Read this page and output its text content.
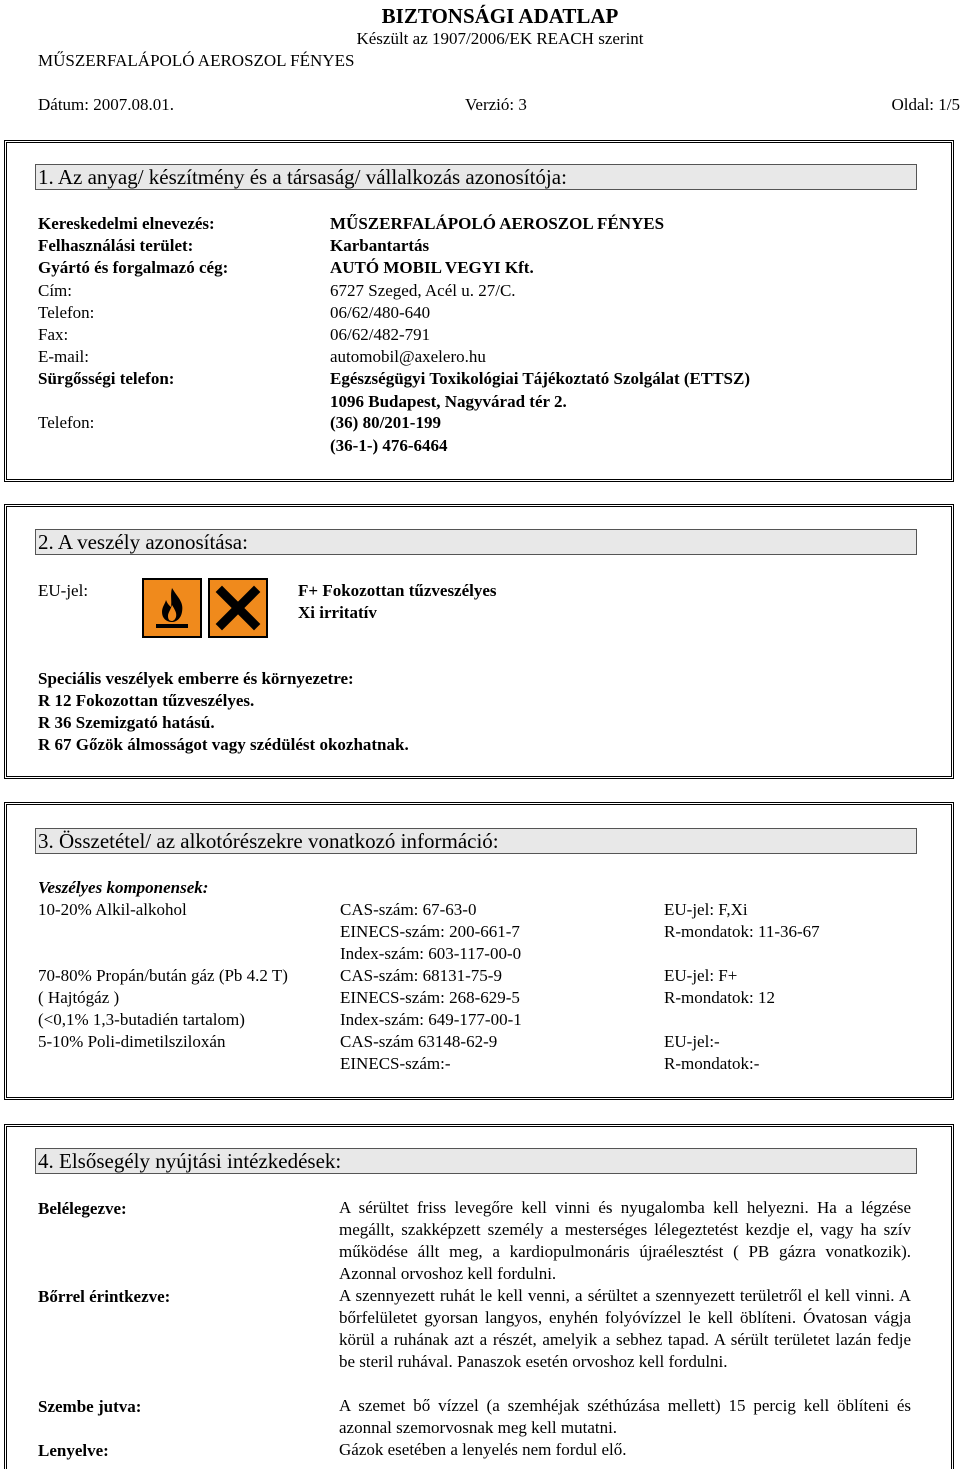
BIZTONSÁGI ADATLAP
Készült az 1907/2006/EK REACH szerint
MŰSZERFALÁPOLÓ AEROSZOL FÉNYES
Dátum: 2007.08.01.	Verzió: 3	Oldal: 1/5
1. Az anyag/ készítmény és a társaság/ vállalkozás azonosítója:
Kereskedelmi elnevezés:	MŰSZERFALÁPOLÓ AEROSZOL FÉNYES
Felhasználási terület:	Karbantartás
Gyártó és forgalmazó cég:	AUTÓ MOBIL VEGYI Kft.
Cím:	6727 Szeged, Acél u. 27/C.
Telefon:	06/62/480-640
Fax:	06/62/482-791
E-mail:	automobil@axelero.hu
Sürgősségi telefon:	Egészségügyi Toxikológiai Tájékoztató Szolgálat (ETTSZ)
1096 Budapest, Nagyvárad tér 2.
Telefon:	(36) 80/201-199
(36-1-) 476-6464
2. A veszély azonosítása:
EU-jel:	F+ Fokozottan tűzveszélyes
Xi irritatív
Speciális veszélyek emberre és környezetre:
R 12 Fokozottan tűzveszélyes.
R 36 Szemizgató hatású.
R 67 Gőzök álmosságot vagy szédülést okozhatnak.
3. Összetétel/ az alkotórészekre vonatkozó információ:
Veszélyes komponensek:
10-20% Alkil-alkohol	CAS-szám: 67-63-0	EU-jel: F,Xi
EINECS-szám: 200-661-7	R-mondatok: 11-36-67
Index-szám: 603-117-00-0
70-80% Propán/bután gáz (Pb 4.2 T)	CAS-szám: 68131-75-9	EU-jel: F+
( Hajtógáz )	EINECS-szám: 268-629-5	R-mondatok: 12
(<0,1% 1,3-butadién tartalom)	Index-szám: 649-177-00-1
5-10% Poli-dimetilsziloxán	CAS-szám 63148-62-9	EU-jel:-
EINECS-szám:-	R-mondatok:-
4. Elsősegély nyújtási intézkedések:
Belélegezve:	A sérültet friss levegőre kell vinni és nyugalomba kell helyezni. Ha a légzése megállt, szakképzett személy a mesterséges lélegeztetést kezdje el, vagy ha szív működése állt meg, a kardiopulmonáris újraélesztést ( PB gázra vonatkozik). Azonnal orvoshoz kell fordulni.
Bőrrel érintkezve:	A szennyezett ruhát le kell venni, a sérültet a szennyezett területről el kell vinni. A bőrfelületet gyorsan langyos, enyhén folyóvízzel le kell öblíteni. Óvatosan vágja körül a ruhának azt a részét, amelyik a sebhez tapad. A sérült területet lazán fedje be steril ruhával. Panaszok esetén orvoshoz kell fordulni.
Szembe jutva:	A szemet bő vízzel (a szemhéjak széthúzása mellett) 15 percig kell öblíteni és azonnal szemorvosnak meg kell mutatni.
Lenyelve:	Gázok esetében a lenyelés nem fordul elő.
